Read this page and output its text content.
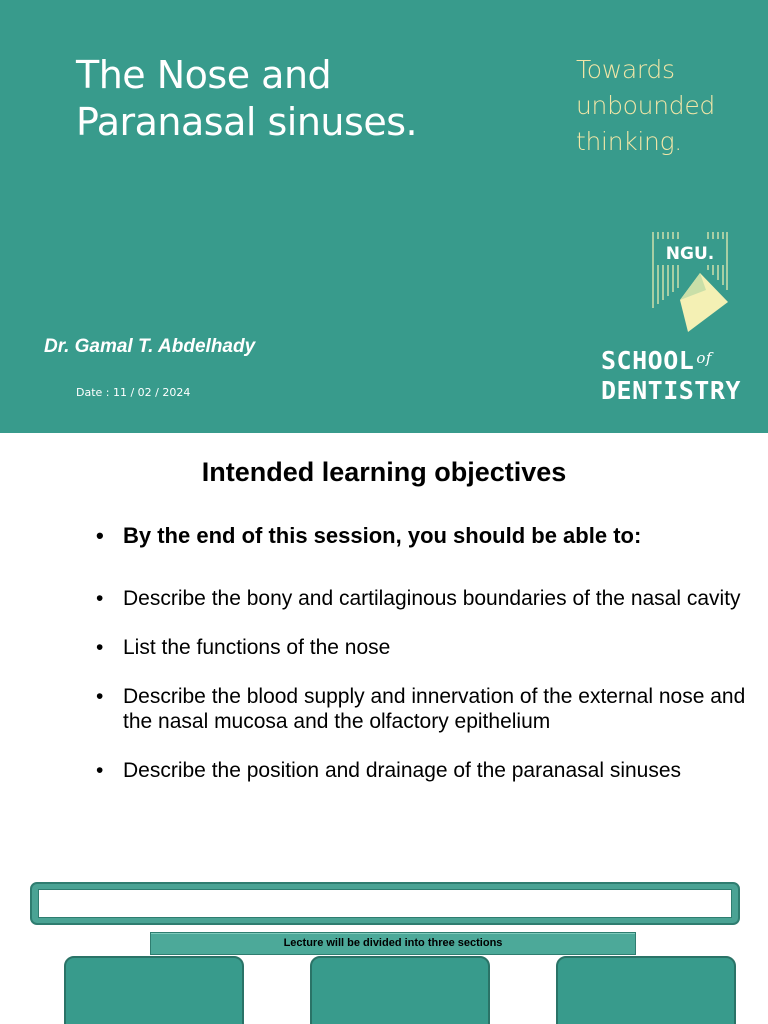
The Nose and
Paranasal sinuses.
Towards
unbounded
thinking.
Dr. Gamal T. Abdelhady
Date : 11 / 02 / 2024
NGU.
SCHOOL $^{of}$
DENTISTRY
Intended learning objectives
• By the end of this session, you should be able to:
• Describe the bony and cartilaginous boundaries of the nasal cavity
• List the functions of the nose
• Describe the blood supply and innervation of the external nose and the nasal mucosa and the olfactory epithelium
• Describe the position and drainage of the paranasal sinuses
Lecture will be divided into three sections
